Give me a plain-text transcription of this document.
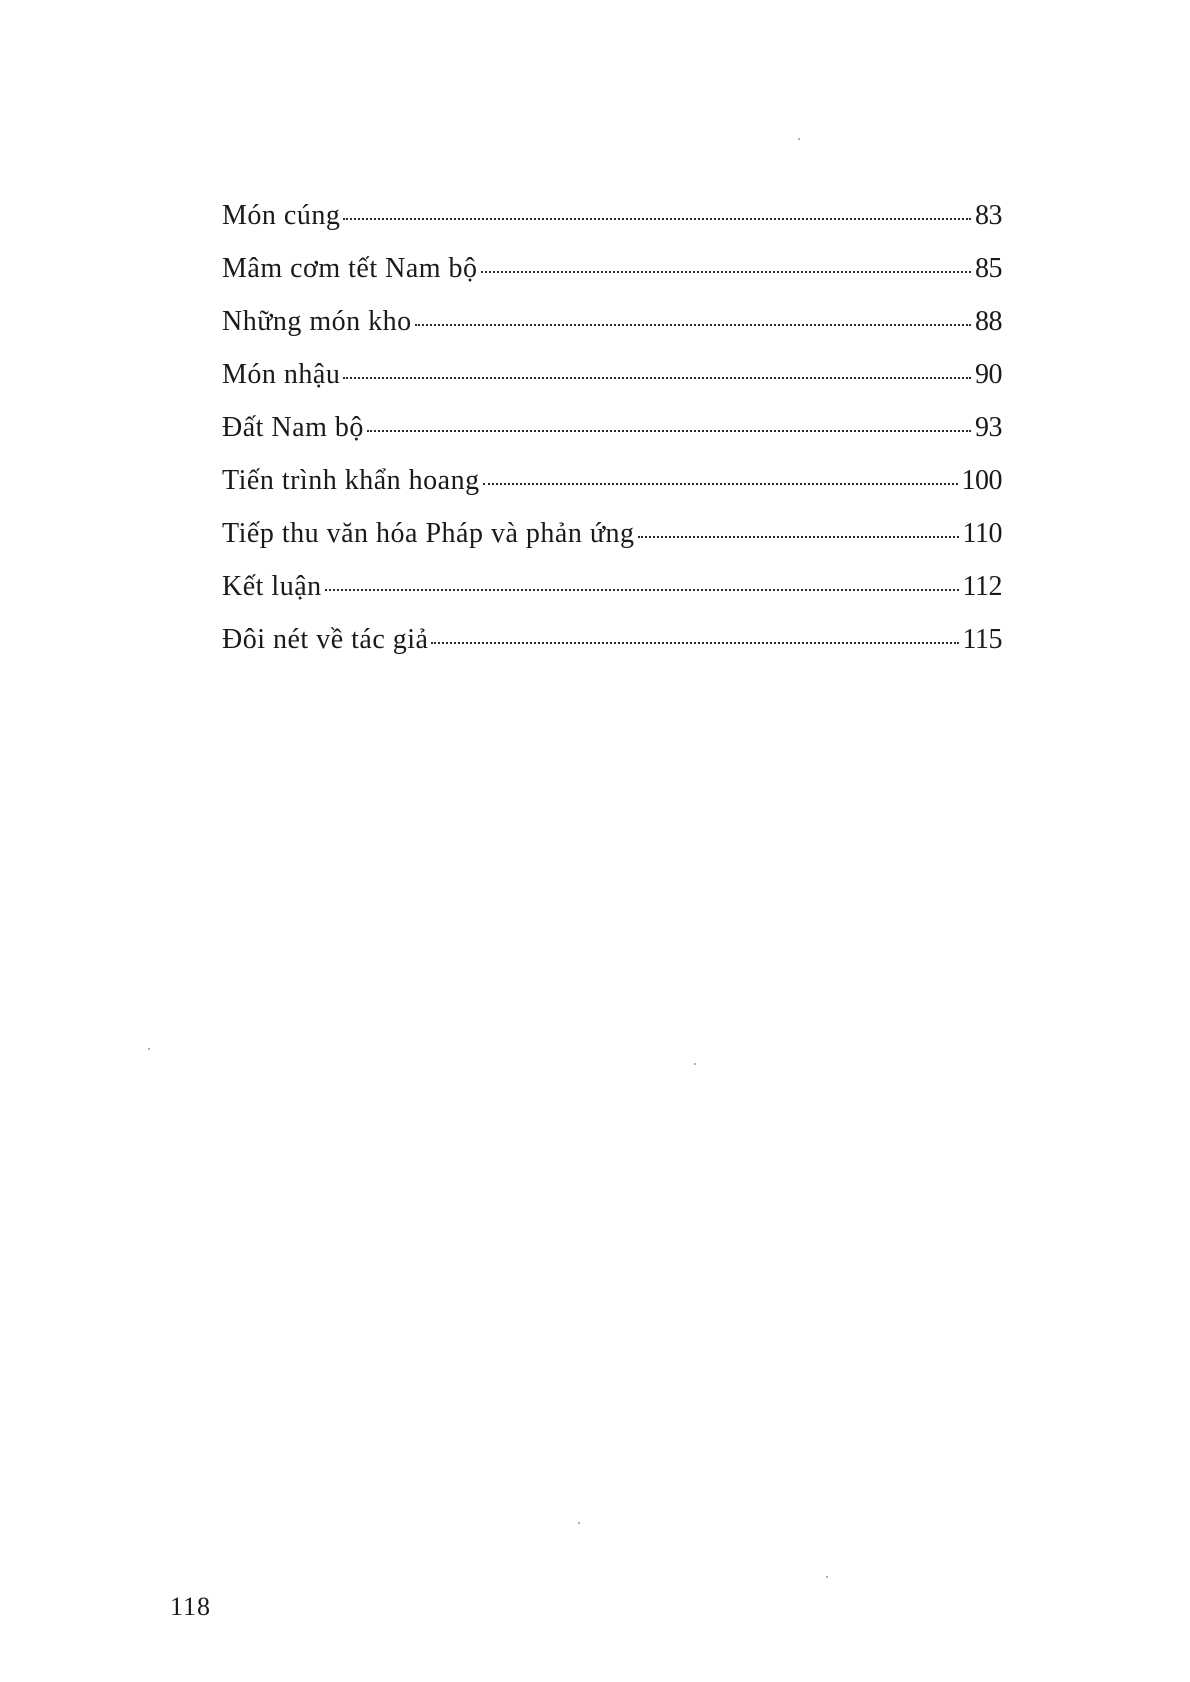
Món cúng	83
Mâm cơm tết Nam bộ	85
Những món kho	88
Món nhậu	90
Đất Nam bộ	93
Tiến trình khẩn hoang	100
Tiếp thu văn hóa Pháp và phản ứng	110
Kết luận	112
Đôi nét về tác giả	115
118
